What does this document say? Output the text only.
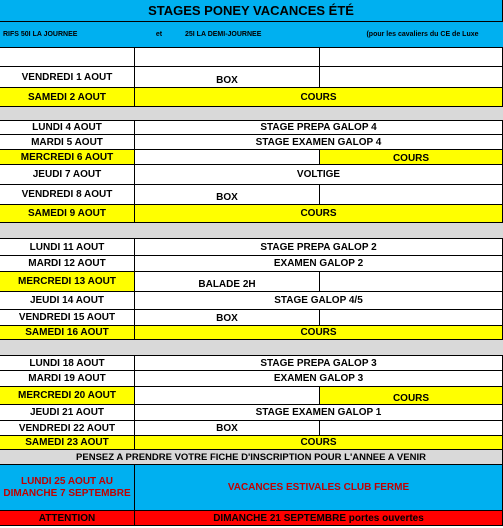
STAGES PONEY VACANCES ÉTÉ
RIFS 50I LA JOURNEE	et	25I LA DEMI-JOURNEE	(pour les cavaliers du CE de Luxe
VENDREDI 1 AOUT	BOX
SAMEDI 2 AOUT	COURS
LUNDI 4 AOUT	STAGE PREPA GALOP 4
MARDI 5 AOUT	STAGE EXAMEN GALOP 4
MERCREDI 6 AOUT	COURS
JEUDI 7 AOUT	VOLTIGE
VENDREDI 8 AOUT	BOX
SAMEDI 9 AOUT	COURS
LUNDI 11 AOUT	STAGE PREPA GALOP 2
MARDI 12 AOUT	EXAMEN GALOP 2
MERCREDI 13 AOUT	BALADE 2H
JEUDI 14 AOUT	STAGE GALOP 4/5
VENDREDI 15 AOUT	BOX
SAMEDI 16 AOUT	COURS
LUNDI 18 AOUT	STAGE PREPA GALOP 3
MARDI 19 AOUT	EXAMEN GALOP 3
MERCREDI 20 AOUT	COURS
JEUDI 21 AOUT	STAGE EXAMEN GALOP 1
VENDREDI 22 AOUT	BOX
SAMEDI 23 AOUT	COURS
PENSEZ A PRENDRE VOTRE FICHE D'INSCRIPTION POUR L'ANNEE A VENIR
LUNDI 25 AOUT AU DIMANCHE 7 SEPTEMBRE	VACANCES ESTIVALES CLUB FERME
ATTENTION	DIMANCHE 21 SEPTEMBRE portes ouvertes
